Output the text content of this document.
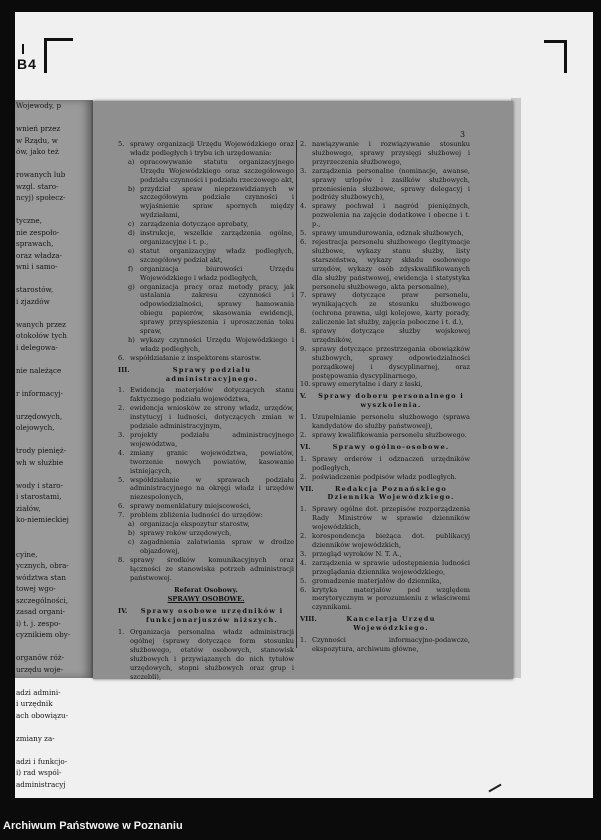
B4
Wojewody, p

wnień przez
w Rządu, w
ów, jako też

rowanych lub
wzgl. staro-
ncyj) społecz-

tyczne,
nie zespoło-
sprawach,
oraz władza-
wni i samo-

starostów,
i zjazdów

wanych przez
otokołów tych
i delegowa-

nie należące

r informacyj-

urzędowych,
olejowych,

trody pienięż-
wh w służbie

wody i staro-
i starostami,
ziałów,
ko-niemieckiej

cyine,
ycznych, obra-
wództwa stan
towej wgo-
szczególności,
zasad organi-
i) t. j. zespo-
cyznikiem oby-

organów róż-
urzędu woje-

adzi admini-
i urzędnik
ach obowiązu-

zmiany za-

adzi i funkcjo-
i) rad wspól-
administracyj
3
5. sprawy organizacji Urzędu Wojewódzkiego oraz władz podległych i trybu ich urzędowania:
a) opracowywanie statutu organizacyjnego Urzędu Wojewódzkiego oraz szczegółowego podziału czynności i podziału rzeczowego akt,
b) przydział spraw nieprzewidzianych w szczegółowym podziale czynności i wyjaśnienie spraw spornych między wydziałami,
c) zarządzenia dotyczące aprobaty,
d) instrukcje, wszelkie zarządzenia ogólne, organizacyjne i t. p.,
e) statut organizacyjny władz podległych, szczegółowy podział akt,
f) organizacja biurowości Urzędu Wojewódzkiego i władz podległych,
g) organizacja pracy oraz metody pracy, jak ustalania zakresu czynności i odpowiedzialności, sprawy hamowania obiegu papierów, skasowania ewidencji, sprawy przyspieszenia i uproszczenia toku spraw,
h) wykazy czynności Urzędu Wojewódzkiego i władz podległych,
6. współdziałanie z inspektorem starostw.
III.	Sprawy podziału administracyjnego.
1. Ewidencja materjałów dotyczących stanu faktycznego podziału województwa,
2. ewidencja wniosków ze strony władz, urzędów, instytucyj i ludności, dotyczących zmian w podziale administracyjnym,
3. projekty podziału administracyjnego województwa,
4. zmiany granic województwa, powiatów, tworzenie nowych powiatów, kasowanie istniejących,
5. współdziałanie w sprawach podziału administracyjnego na okręgi władz i urzędów niezespolonych,
6. sprawy nomenklatury miejscowości,
7. problem zbliżenia ludności do urzędów:
a) organizacja ekspozytur starostw,
b) sprawy roków urzędowych,
c) zagadnienia załatwiania spraw w drodze objazdowej,
8. sprawy środków komunikacyjnych oraz łączności ze stanowiska potrzeb administracji państwowej.
Referat Osobowy.
SPRAWY OSOBOWE.
IV.	Sprawy osobowe urzędników i funkcjonarjuszów niższych.
1. Organizacja personalna władz administracji ogólnej (sprawy dotyczące form stosunku służbowego, etatów osobowych, stanowisk służbowych i przywiązanych do nich tytułów urzędowych, stopni służbowych oraz grup i szczebli),
2. nawiązywanie i rozwiązywanie stosunku służbowego, sprawy przysięgi służbowej i przyrzeczenia służbowego,
3. zarządzenia personalne (nominacje, awanse, sprawy urlopów i zasiłków służbowych, przeniesienia służbowe, sprawy delegacyj i podróży służbowych),
4. sprawy pochwał i nagród pieniężnych, pozwolenia na zajęcie dodatkowe i obecne i t. p.,
5. sprawy umundurowania, odznak służbowych,
6. rejestracja personelu służbowego (legitymacje służbowe, wykazy stanu służby, listy starszeństwa, wykazy składu osobowego urzędów, wykazy osób zdyskwalifikowanych dla służby państwowej, ewidencja i statystyka personelu służbowego, akta personalne),
7. sprawy dotyczące praw personelu, wynikających ze stosunku służbowego (ochrona prawna, ulgi kolejowe, karty porady, zaliczenie lat służby, zajęcia poboczne i t. d.),
8. sprawy dotyczące służby wojskowej urzędników,
9. sprawy dotyczące przestrzegania obowiązków służbowych, sprawy odpowiedzialności porządkowej i dyscyplinarnej, oraz postępowania dyscyplinarnego,
10. sprawy emerytalne i dary z łaski,
V.	Sprawy doboru personalnego i wyszkolenia.
1. Uzupełnianie personelu służbowego (sprawa kandydatów do służby państwowej),
2. sprawy kwalifikowania personelu służbowego.
VI.	Sprawy ogólno-osobowe.
1. Sprawy orderów i odznaczeń urzędników podległych,
2. poświadczenie podpisów władz podległych.
VII.	Redakcja Poznańskiego Dziennika Wojewódzkiego.
1. Sprawy ogólne dot. przepisów rozporządzenia Rady Ministrów w sprawie dzienników wojewódzkich,
2. korespondencja bieżąca dot. publikacyj dzienników wojewódzkich,
3. przegląd wyroków N. T. A.,
4. zarządzenia w sprawie udostępnienia ludności przeglądania dziennika wojewódzkiego,
5. gromadzenie materjałów do dziennika,
6. krytyka materjałów pod względem merytorycznym w porozumieniu z właściwemi czynnikami.
VIII.	Kancelarja Urzędu Wojewódzkiego.
1. Czynności informacyjno-podawcze, ekspozytura, archiwum główne,
Archiwum Państwowe w Poznaniu
